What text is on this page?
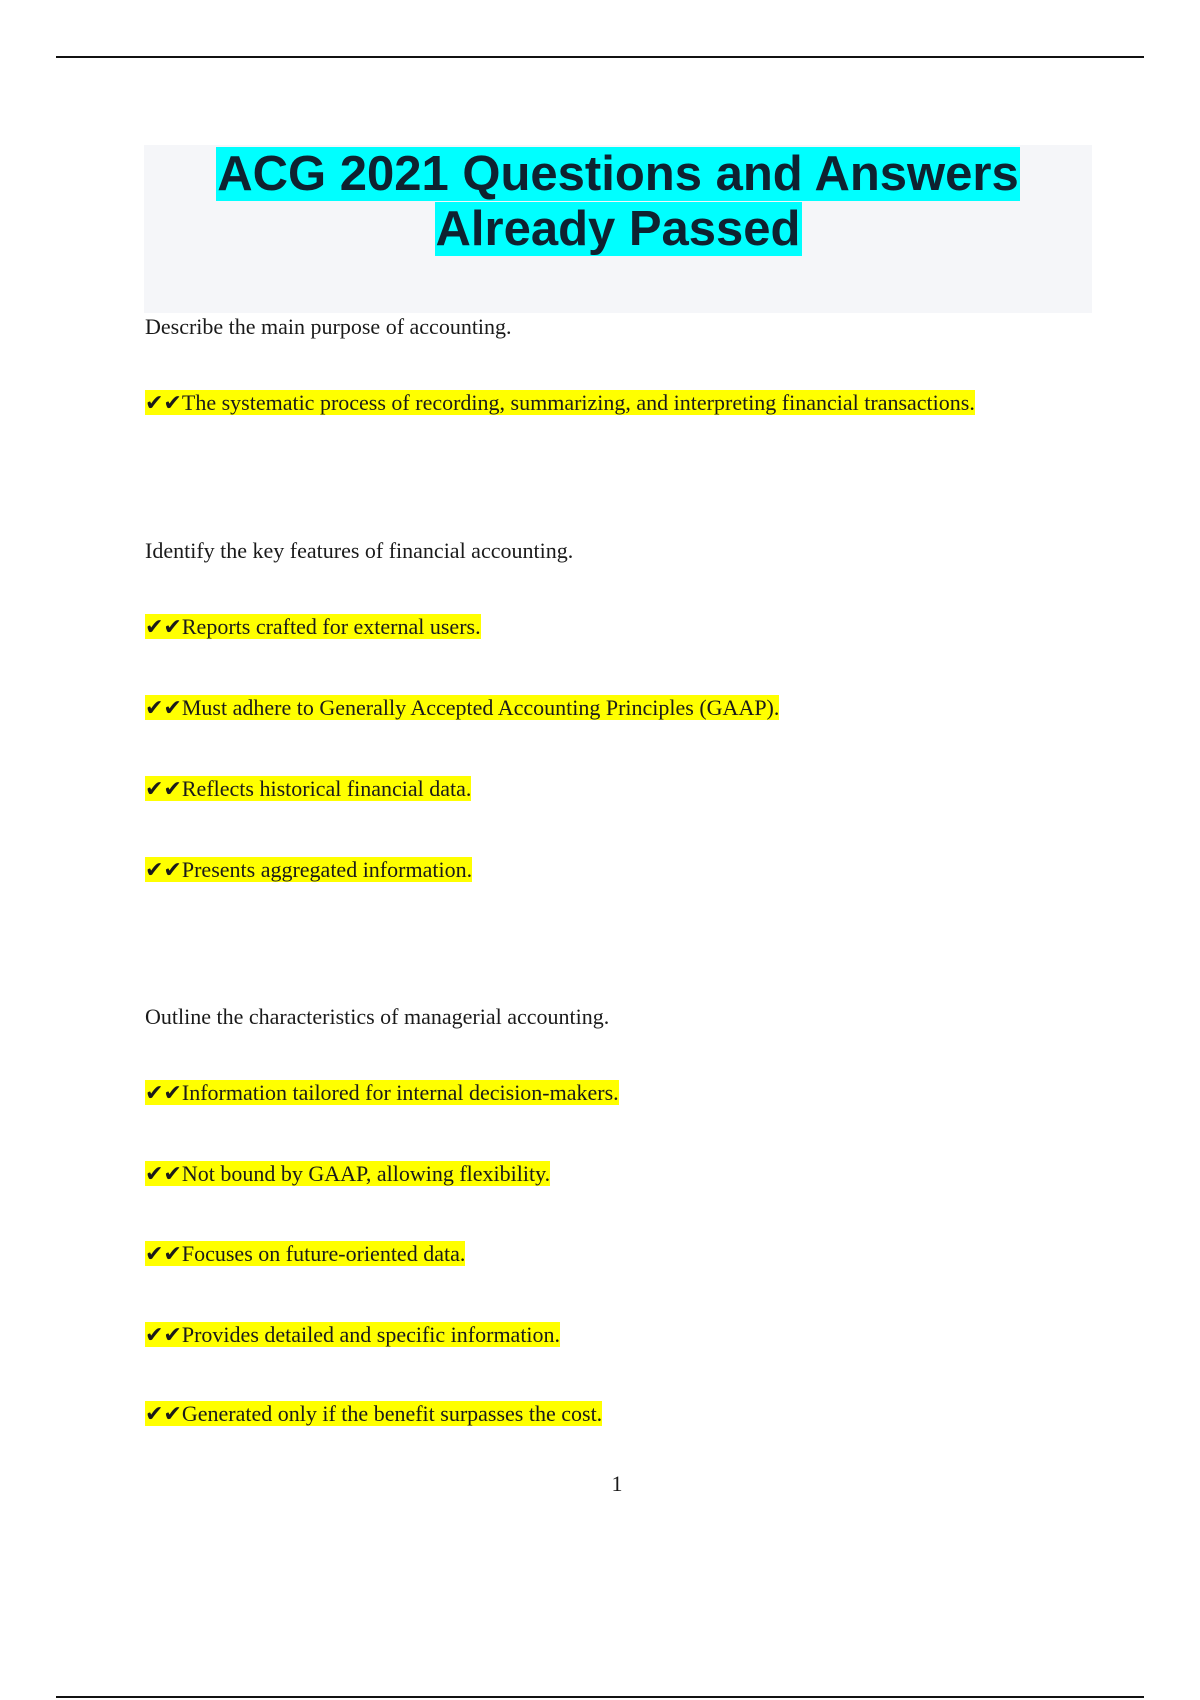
ACG 2021 Questions and Answers
Already Passed
Describe the main purpose of accounting.
✔✔The systematic process of recording, summarizing, and interpreting financial transactions.
Identify the key features of financial accounting.
✔✔Reports crafted for external users.
✔✔Must adhere to Generally Accepted Accounting Principles (GAAP).
✔✔Reflects historical financial data.
✔✔Presents aggregated information.
Outline the characteristics of managerial accounting.
✔✔Information tailored for internal decision-makers.
✔✔Not bound by GAAP, allowing flexibility.
✔✔Focuses on future-oriented data.
✔✔Provides detailed and specific information.
✔✔Generated only if the benefit surpasses the cost.
1
